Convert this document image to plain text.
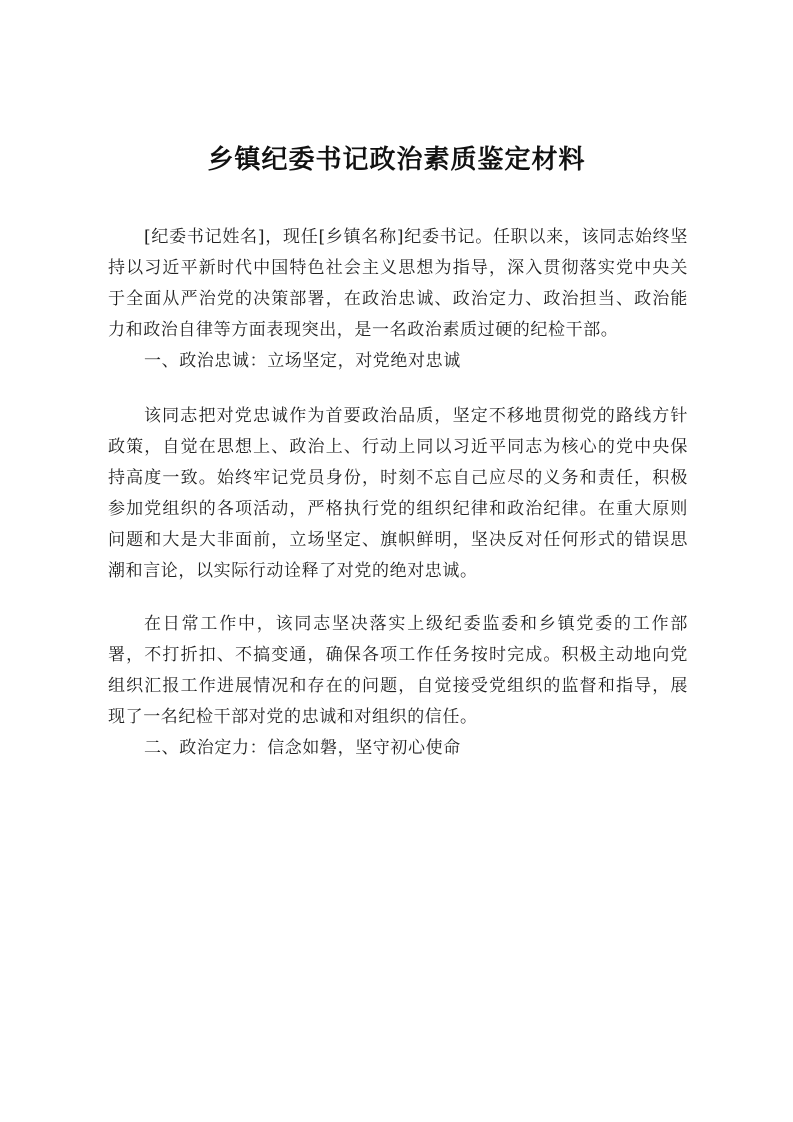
乡镇纪委书记政治素质鉴定材料

[纪委书记姓名]，现任[乡镇名称]纪委书记。任职以来，该同志始终坚持以习近平新时代中国特色社会主义思想为指导，深入贯彻落实党中央关于全面从严治党的决策部署，在政治忠诚、政治定力、政治担当、政治能力和政治自律等方面表现突出，是一名政治素质过硬的纪检干部。

一、政治忠诚：立场坚定，对党绝对忠诚

该同志把对党忠诚作为首要政治品质，坚定不移地贯彻党的路线方针政策，自觉在思想上、政治上、行动上同以习近平同志为核心的党中央保持高度一致。始终牢记党员身份，时刻不忘自己应尽的义务和责任，积极参加党组织的各项活动，严格执行党的组织纪律和政治纪律。在重大原则问题和大是大非面前，立场坚定、旗帜鲜明，坚决反对任何形式的错误思潮和言论，以实际行动诠释了对党的绝对忠诚。

在日常工作中，该同志坚决落实上级纪委监委和乡镇党委的工作部署，不打折扣、不搞变通，确保各项工作任务按时完成。积极主动地向党组织汇报工作进展情况和存在的问题，自觉接受党组织的监督和指导，展现了一名纪检干部对党的忠诚和对组织的信任。

二、政治定力：信念如磐，坚守初心使命
